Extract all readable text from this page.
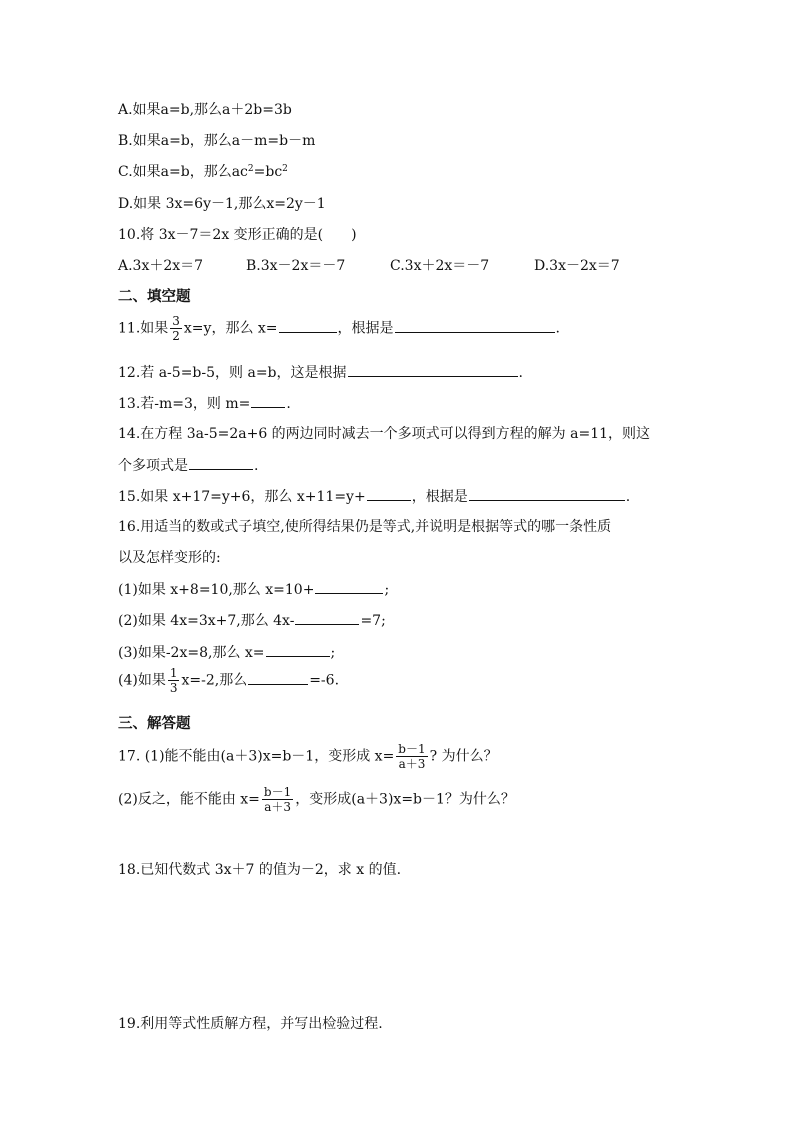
A.如果a=b,那么a＋2b=3b
B.如果a=b，那么a－m=b－m
C.如果a=b，那么$ac^2=bc^2$
D.如果 3x=6y－1,那么x=2y－1
10.将 3x－7＝2x 变形正确的是(　　)
A.3x＋2x＝7	B.3x－2x＝－7	C.3x＋2x＝－7	D.3x－2x＝7
二、填空题
11.如果 $\frac{3}{2} x=y$，那么 x=	，根据是	.
12.若 a-5=b-5，则 a=b，这是根据	.
13.若-m=3，则 m=	.
14.在方程 3a-5=2a+6 的两边同时减去一个多项式可以得到方程的解为 a=11，则这
个多项式是	.
15.如果 x+17=y+6，那么 x+11=y+	，根据是	.
16.用适当的数或式子填空,使所得结果仍是等式,并说明是根据等式的哪一条性质
以及怎样变形的:
(1)如果 x+8=10,那么 x=10+	;
(2)如果 4x=3x+7,那么 4x-	=7;
(3)如果-2x=8,那么 x=	;
(4)如果 $\frac{1}{3} x=-2$,那么	=-6.
三、解答题
17. (1)能不能由(a＋3)x=b－1，变形成 $x= \frac{b-1}{a+3}$ ? 为什么？
(2)反之，能不能由 $x= \frac{b-1}{a+3}$ ，变形成(a＋3)x=b－1？为什么？
18.已知代数式 3x＋7 的值为－2，求 x 的值.
19.利用等式性质解方程，并写出检验过程.
